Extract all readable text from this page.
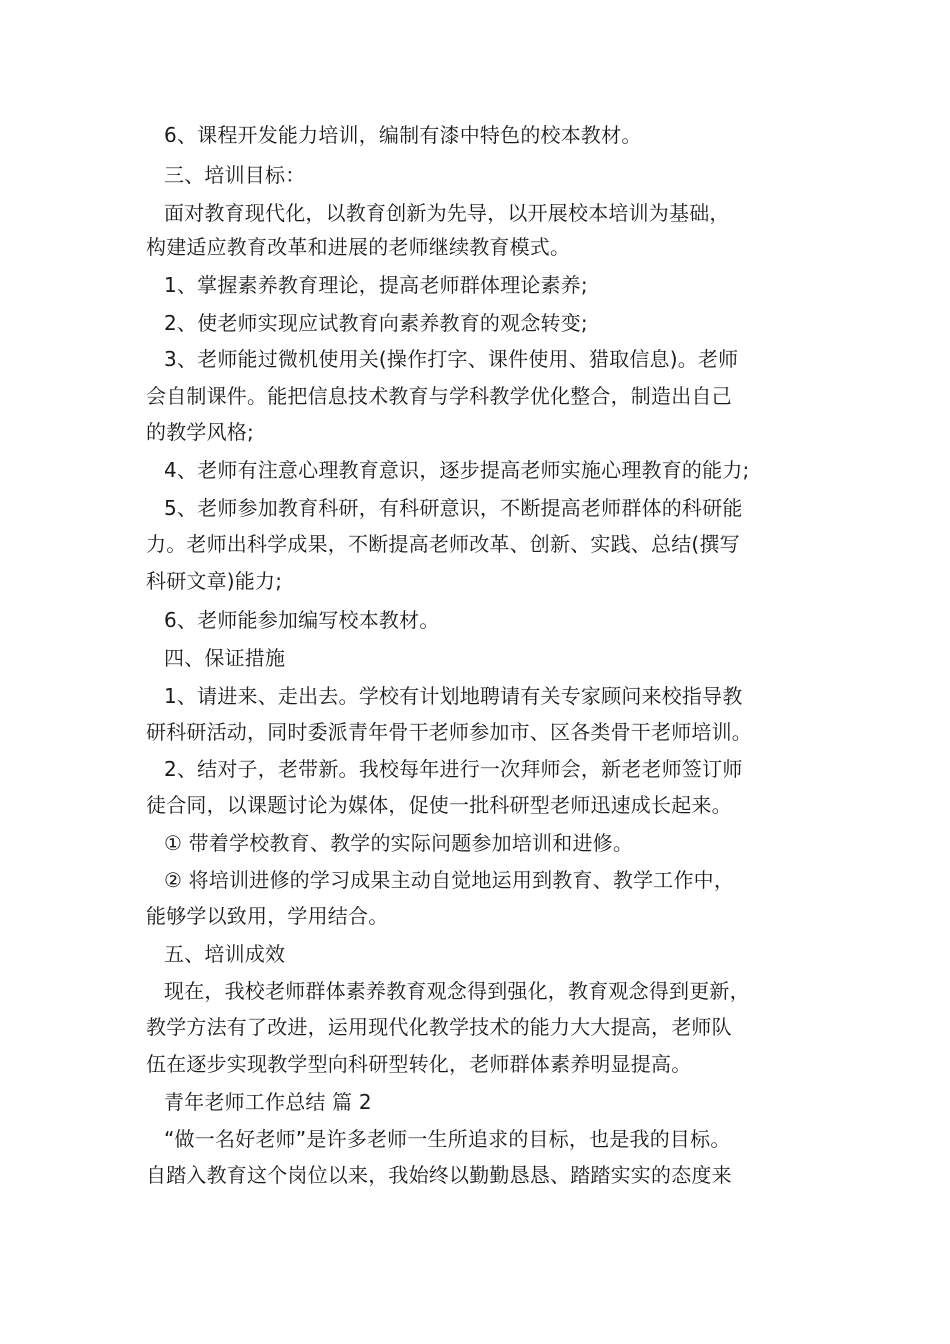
6、课程开发能力培训，编制有漆中特色的校本教材。
三、培训目标：
面对教育现代化，以教育创新为先导，以开展校本培训为基础，
构建适应教育改革和进展的老师继续教育模式。
1、掌握素养教育理论，提高老师群体理论素养;
2、使老师实现应试教育向素养教育的观念转变;
3、老师能过微机使用关(操作打字、课件使用、猎取信息)。老师
会自制课件。能把信息技术教育与学科教学优化整合，制造出自己
的教学风格;
4、老师有注意心理教育意识，逐步提高老师实施心理教育的能力;
5、老师参加教育科研，有科研意识，不断提高老师群体的科研能
力。老师出科学成果，不断提高老师改革、创新、实践、总结(撰写
科研文章)能力;
6、老师能参加编写校本教材。
四、保证措施
1、请进来、走出去。学校有计划地聘请有关专家顾问来校指导教
研科研活动，同时委派青年骨干老师参加市、区各类骨干老师培训。
2、结对子，老带新。我校每年进行一次拜师会，新老老师签订师
徒合同，以课题讨论为媒体，促使一批科研型老师迅速成长起来。
① 带着学校教育、教学的实际问题参加培训和进修。
② 将培训进修的学习成果主动自觉地运用到教育、教学工作中，
能够学以致用，学用结合。
五、培训成效
现在，我校老师群体素养教育观念得到强化，教育观念得到更新，
教学方法有了改进，运用现代化教学技术的能力大大提高，老师队
伍在逐步实现教学型向科研型转化，老师群体素养明显提高。
青年老师工作总结 篇 2
“做一名好老师”是许多老师一生所追求的目标，也是我的目标。
自踏入教育这个岗位以来，我始终以勤勤恳恳、踏踏实实的态度来
